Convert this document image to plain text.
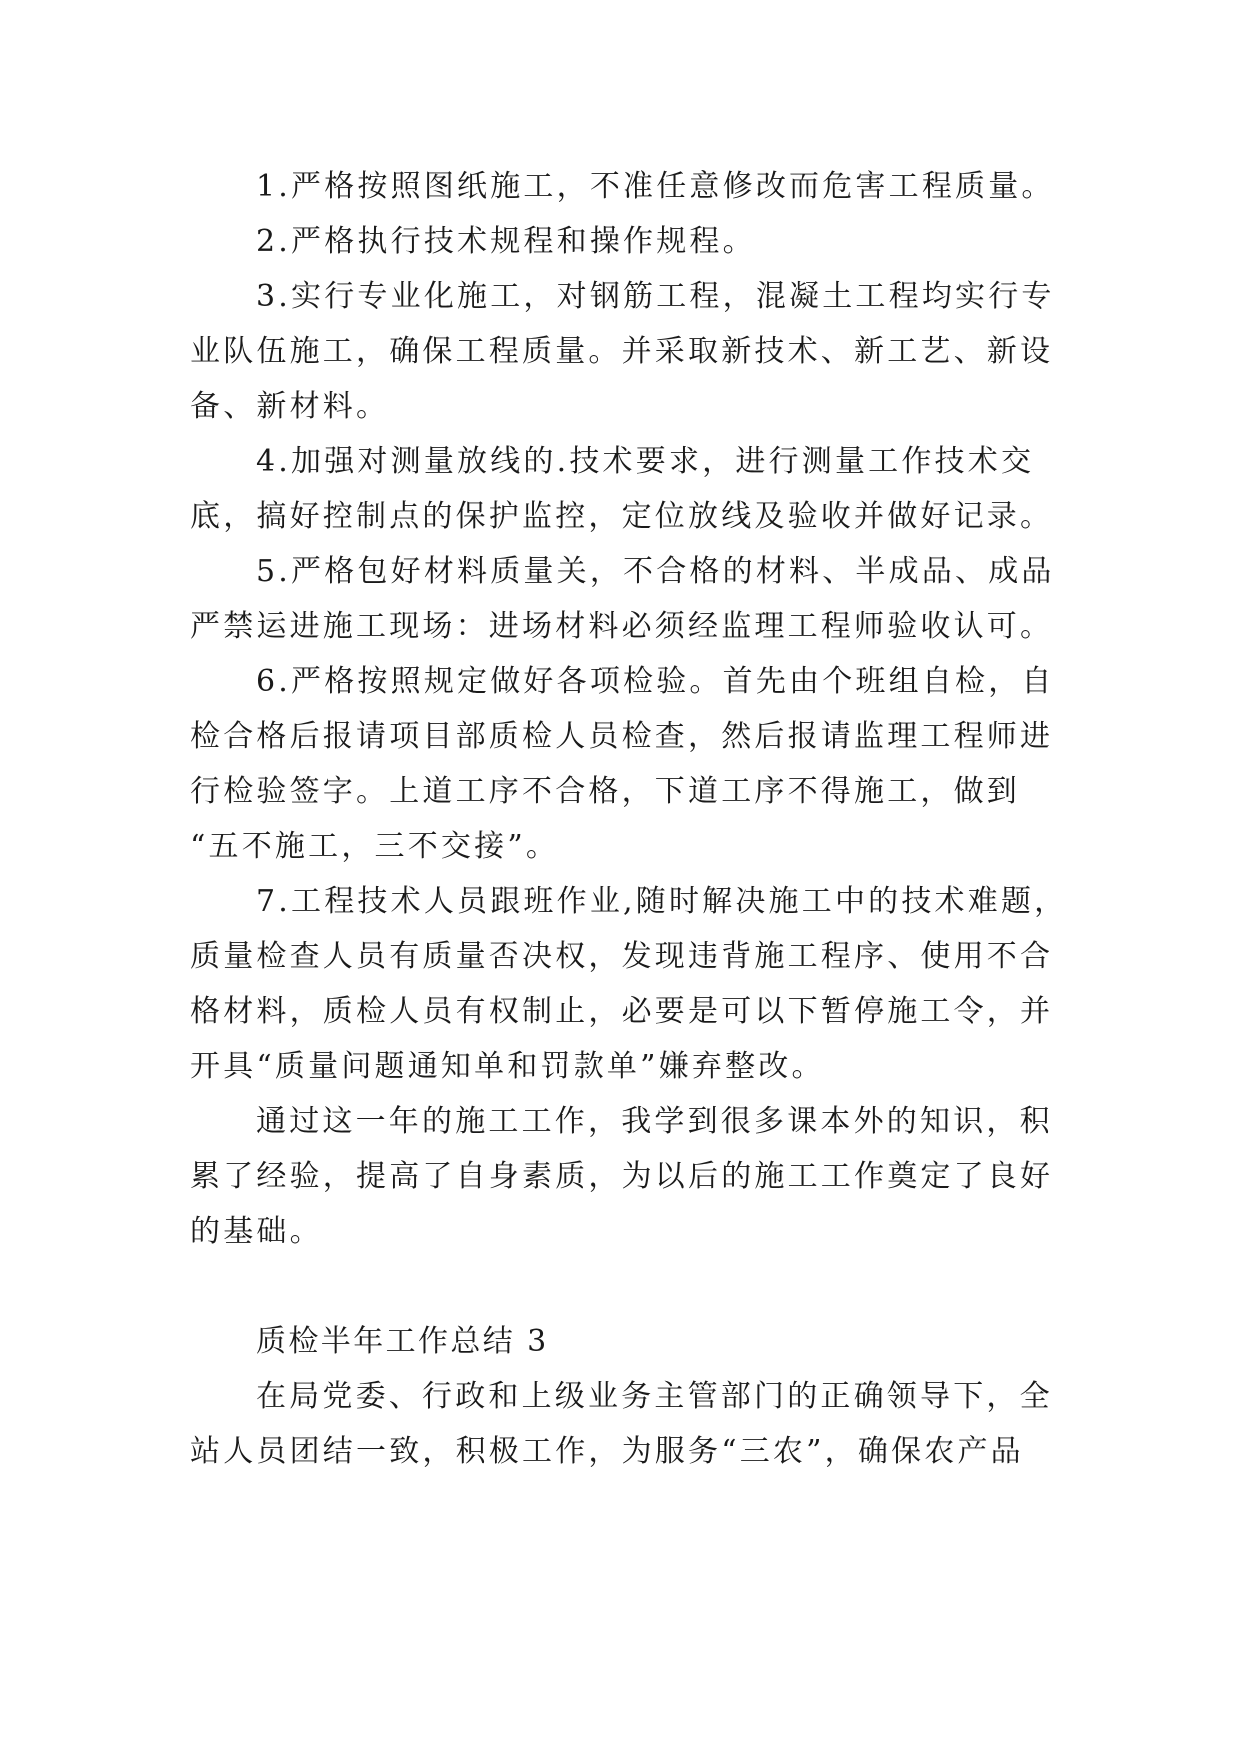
1.严格按照图纸施工，不准任意修改而危害工程质量。
2.严格执行技术规程和操作规程。
3.实行专业化施工，对钢筋工程，混凝土工程均实行专
业队伍施工，确保工程质量。并采取新技术、新工艺、新设
备、新材料。
4.加强对测量放线的.技术要求，进行测量工作技术交
底，搞好控制点的保护监控，定位放线及验收并做好记录。
5.严格包好材料质量关，不合格的材料、半成品、成品
严禁运进施工现场：进场材料必须经监理工程师验收认可。
6.严格按照规定做好各项检验。首先由个班组自检，自
检合格后报请项目部质检人员检查，然后报请监理工程师进
行检验签字。上道工序不合格，下道工序不得施工，做到
“五不施工，三不交接”。
7.工程技术人员跟班作业,随时解决施工中的技术难题，
质量检查人员有质量否决权，发现违背施工程序、使用不合
格材料，质检人员有权制止，必要是可以下暂停施工令，并
开具“质量问题通知单和罚款单”嫌弃整改。
通过这一年的施工工作，我学到很多课本外的知识，积
累了经验，提高了自身素质，为以后的施工工作奠定了良好
的基础。
质检半年工作总结 3
在局党委、行政和上级业务主管部门的正确领导下，全
站人员团结一致，积极工作，为服务“三农”，确保农产品
